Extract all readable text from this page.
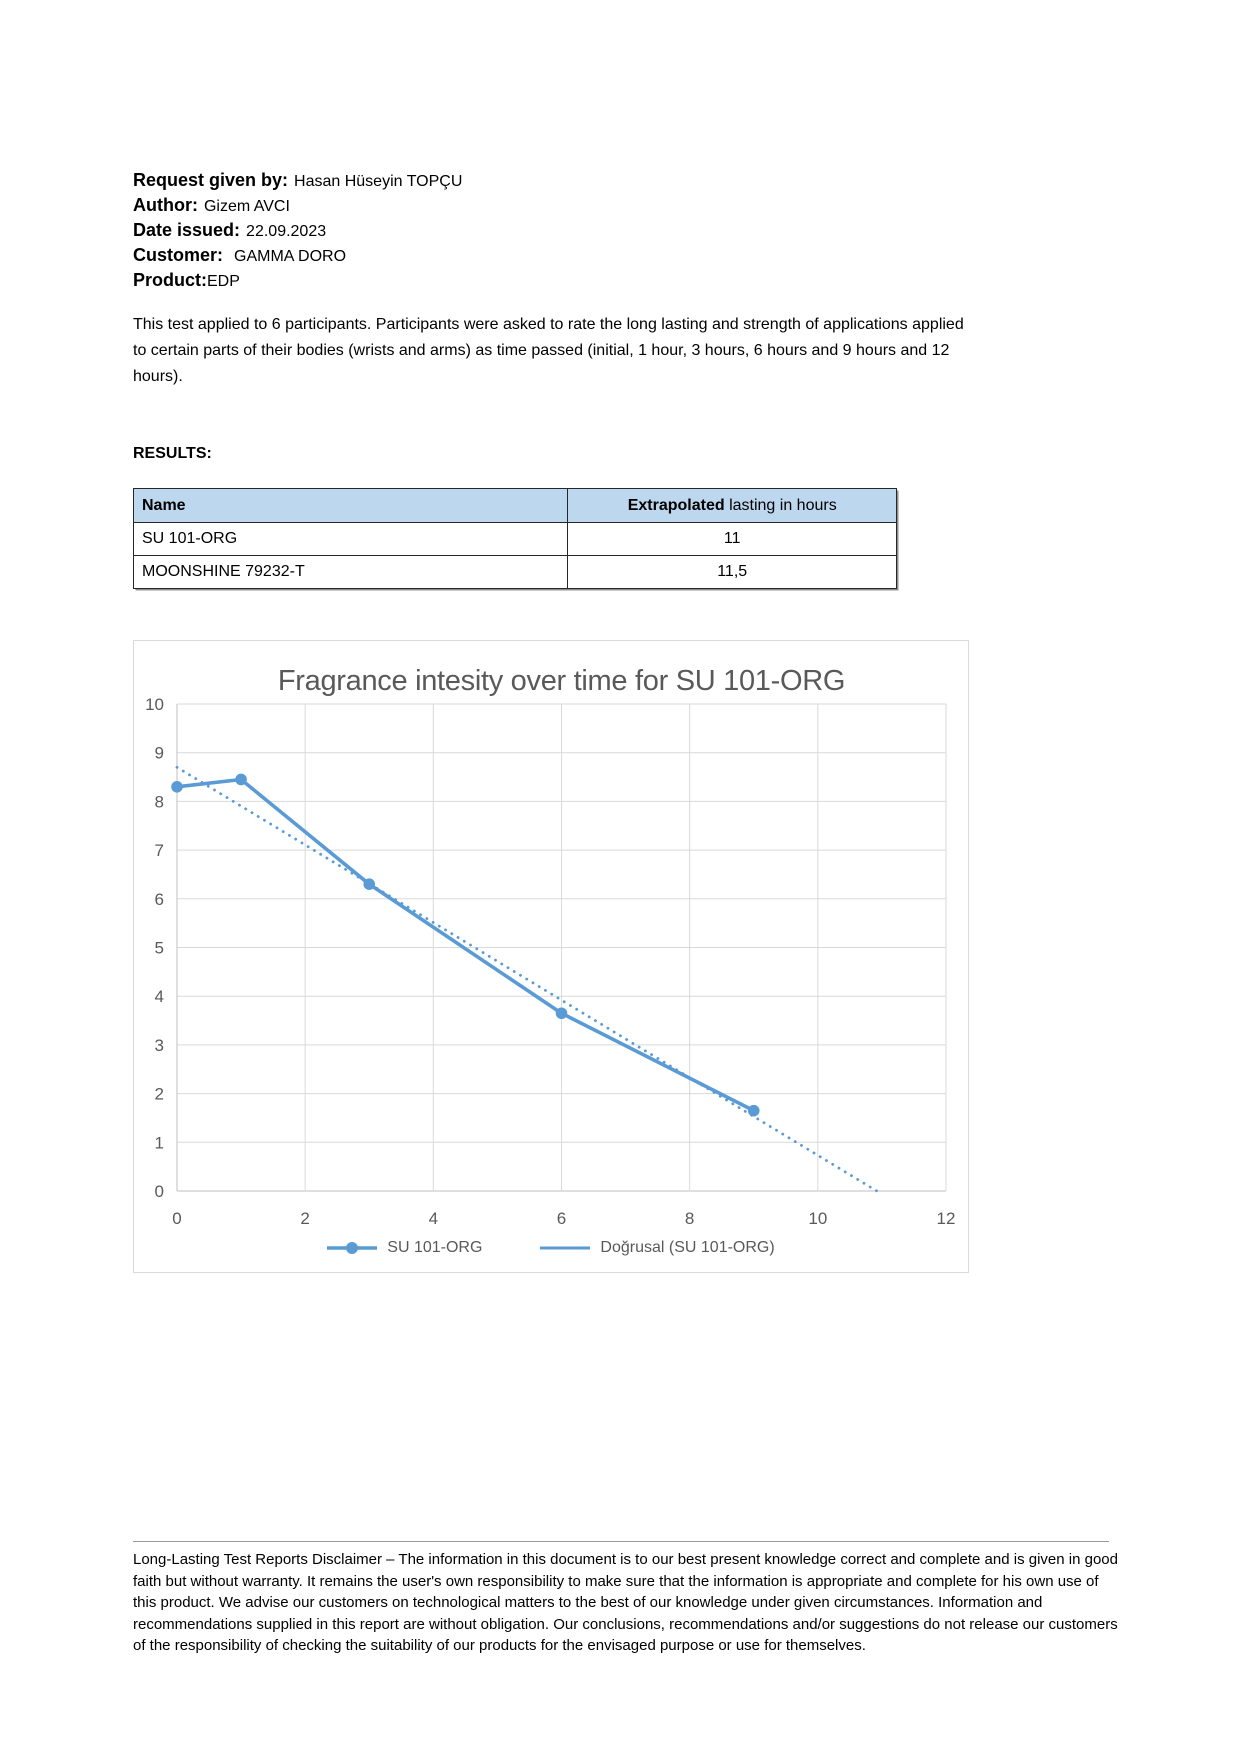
Request given by: Hasan Hüseyin TOPÇU
Author: Gizem AVCI
Date issued: 22.09.2023
Customer: GAMMA DORO
Product:EDP

This test applied to 6 participants. Participants were asked to rate the long lasting and strength of applications applied to certain parts of their bodies (wrists and arms) as time passed (initial, 1 hour, 3 hours, 6 hours and 9 hours and 12 hours).

RESULTS:
Name	Extrapolated lasting in hours
SU 101-ORG	11
MOONSHINE 79232-T	11,5
Fragrance intesity over time for SU 101-ORG
0
1
2
3
4
5
6
7
8
9
10
0	2	4	6	8	10	12
SU 101-ORG	Doğrusal (SU 101-ORG)

Long-Lasting Test Reports Disclaimer – The information in this document is to our best present knowledge correct and complete and is given in good faith but without warranty. It remains the user's own responsibility to make sure that the information is appropriate and complete for his own use of this product. We advise our customers on technological matters to the best of our knowledge under given circumstances. Information and recommendations supplied in this report are without obligation. Our conclusions, recommendations and/or suggestions do not release our customers of the responsibility of checking the suitability of our products for the envisaged purpose or use for themselves.
